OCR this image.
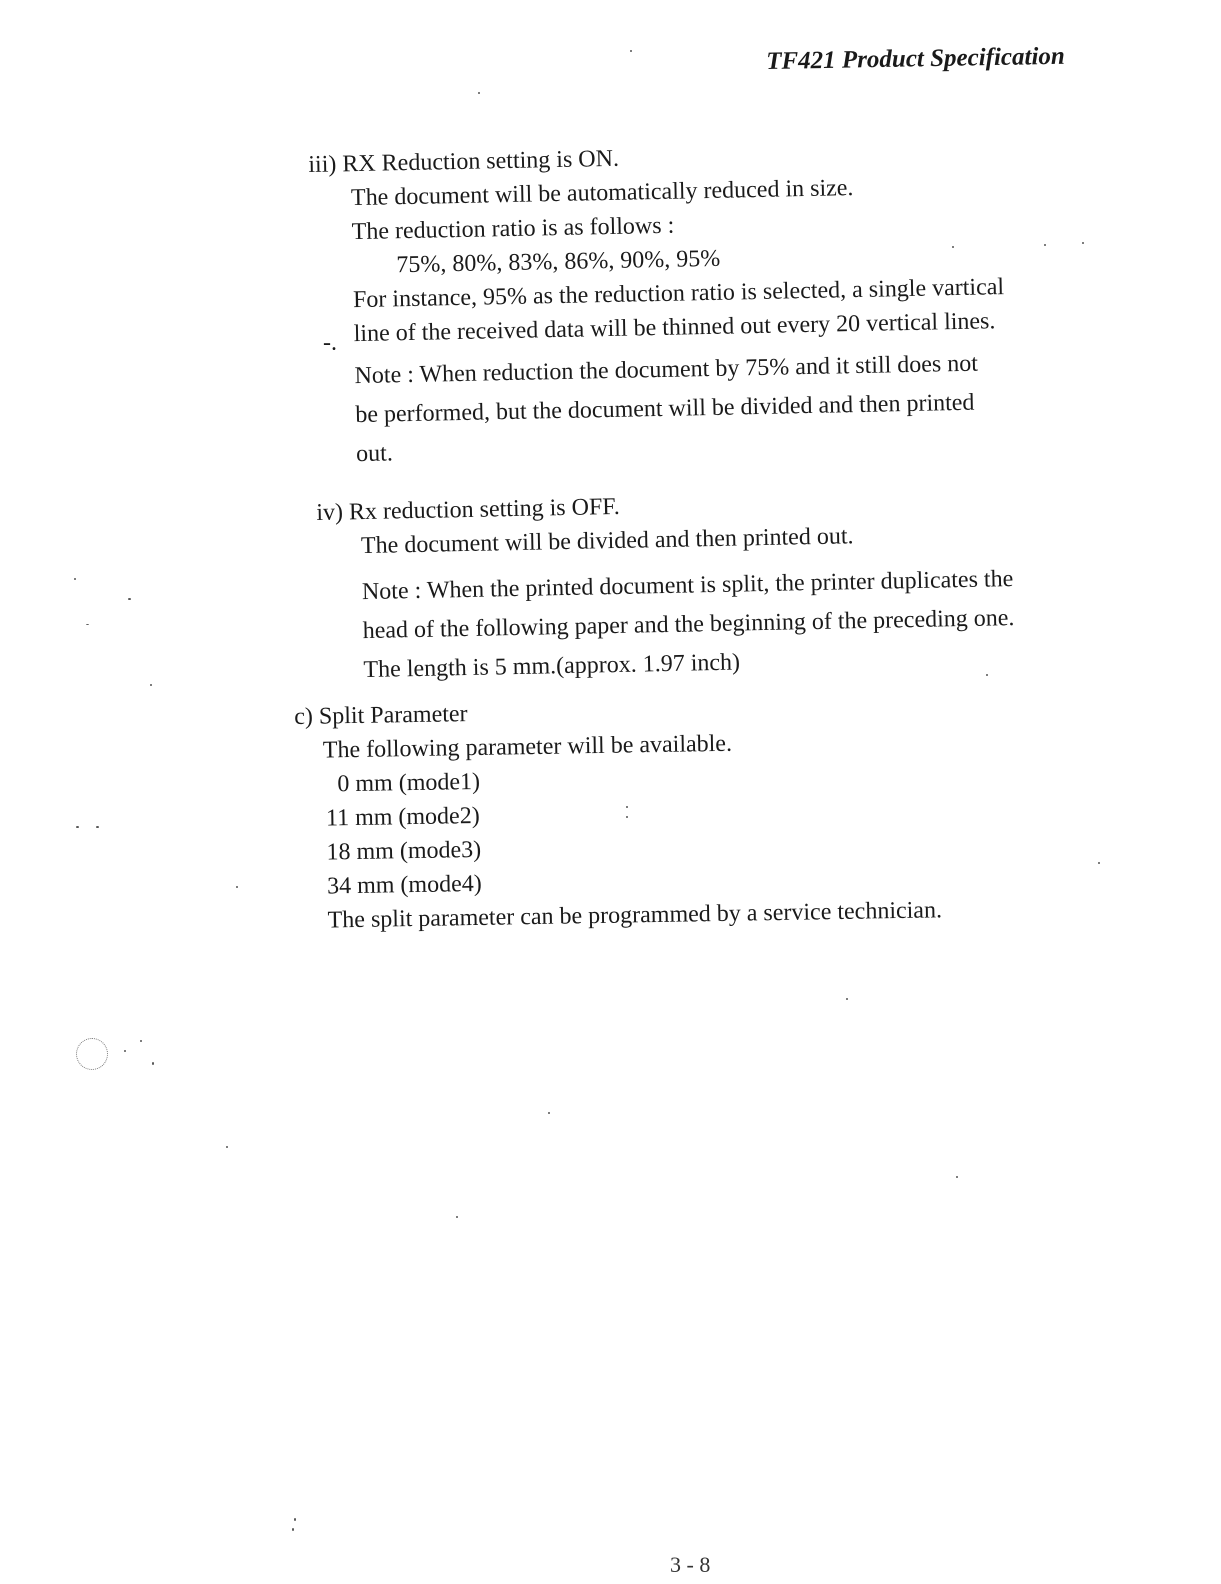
TF421 Product Specification
-.
iii) RX Reduction setting is ON.
The document will be automatically reduced in size.
The reduction ratio is as follows :
75%, 80%, 83%, 86%, 90%, 95%
For instance, 95% as the reduction ratio is selected, a single vartical
line of the received data will be thinned out every 20 vertical lines.
Note : When reduction the document by 75% and it still does not
be performed, but the document will be divided and then printed
out.
iv) Rx reduction setting is OFF.
The document will be divided and then printed out.
Note : When the printed document is split, the printer duplicates the
head of the following paper and the beginning of the preceding one.
The length is 5 mm.(approx. 1.97 inch)
c) Split Parameter
The following parameter will be available.
0 mm (mode1)
11 mm (mode2)
18 mm (mode3)
34 mm (mode4)
The split parameter can be programmed by a service technician.
3 - 8
